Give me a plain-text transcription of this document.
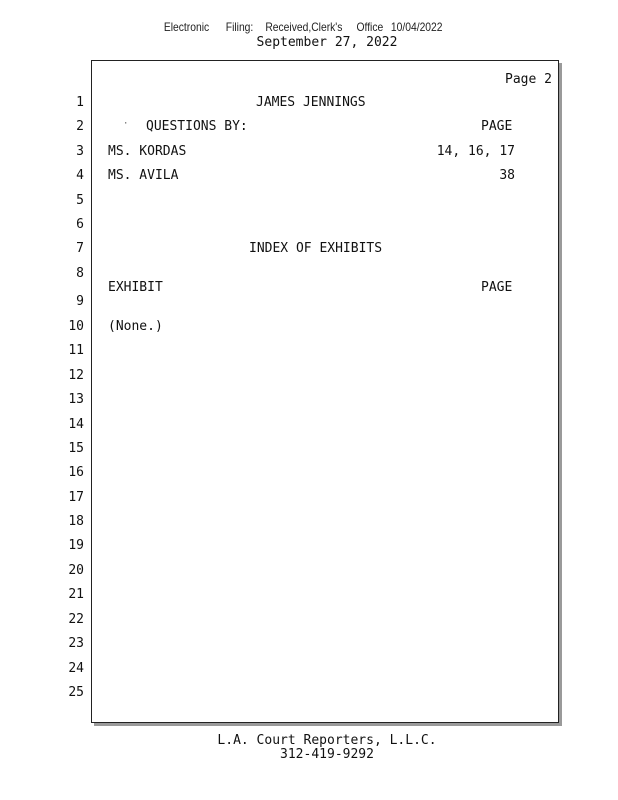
Electronic Filing: Received,Clerk's Office 10/04/2022
September 27, 2022
Page 2
1
2
3
4
5
6
7
8
9
10
11
12
13
14
15
16
17
18
19
20
21
22
23
24
25
·
JAMES JENNINGS
QUESTIONS BY:	PAGE
MS. KORDAS	14, 16, 17
MS. AVILA	38
INDEX OF EXHIBITS
EXHIBIT	PAGE
(None.)
L.A. Court Reporters, L.L.C.
312-419-9292
